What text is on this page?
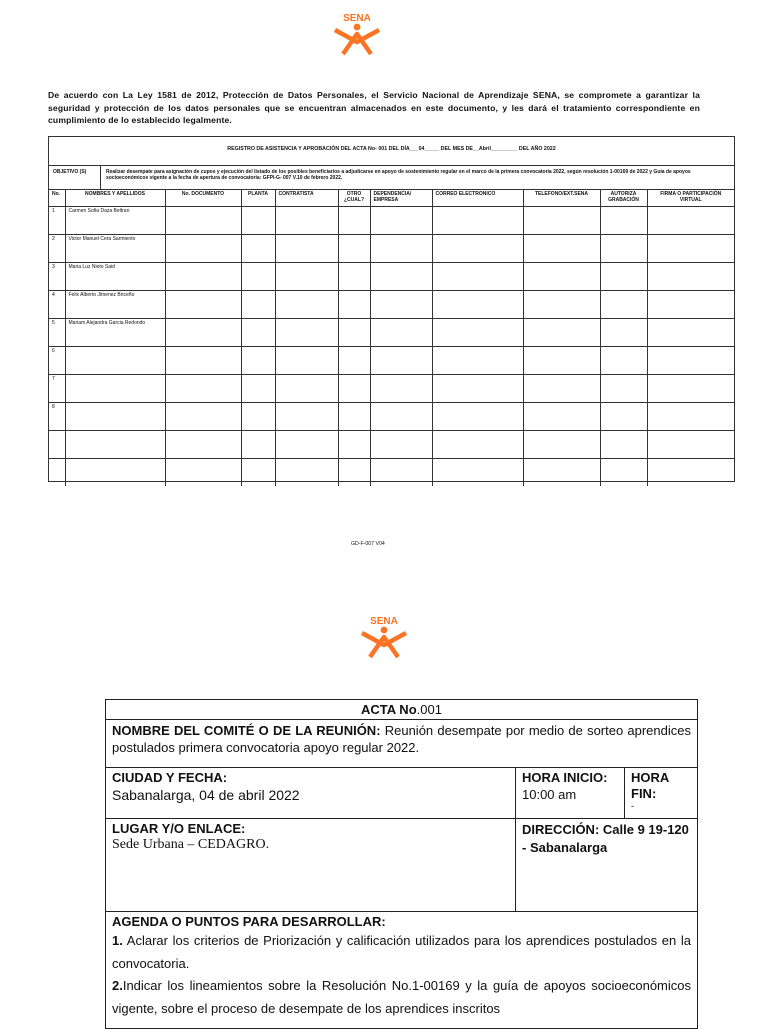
SENA
De acuerdo con La Ley 1581 de 2012, Protección de Datos Personales, el Servicio Nacional de Aprendizaje SENA, se compromete a garantizar la seguridad y protección de los datos personales que se encuentran almacenados en este documento, y les dará el tratamiento correspondiente en cumplimiento de lo establecido legalmente.
REGISTRO DE ASISTENCIA Y APROBACIÓN DEL ACTA No- 001 DEL DÍA___04_____ DEL MES DE__Abril_________ DEL AÑO 2022
OBJETIVO (S)	Realizar desempate para asignación de cupos y ejecución del listado de los posibles beneficiarios a adjudicarse en apoyo de sostenimiento regular en el marco de la primera convocatoria 2022, según resolución 1-00169 de 2022 y Guía de apoyos socioeconómicos vigente a la fecha de apertura de convocatoria: GFPI-G- 007 V.10 de febrero 2022.
No.	NOMBRES Y APELLIDOS	No. DOCUMENTO	PLANTA	CONTRATISTA	OTRO ¿CUAL?	DEPENDENCIA/ EMPRESA	CORREO ELECTRONICO	TELEFONO/EXT.SENA	AUTORIZA GRABACIÓN	FIRMA O PARTICIPACIÓN VIRTUAL
1	Carmen Sofia Daza Beltran									
2	Victor Manuel Cera Sarmiento									
3	Maria Luz Nieto Said									
4	Felix Alberto Jimenez Briceño									
5	Mariam Alejandra Garcia Redondo									
6										
7										
8										

GD-F-007 V04
SENA
ACTA No.001
NOMBRE DEL COMITÉ O DE LA REUNIÓN: Reunión desempate por medio de sorteo aprendices postulados primera convocatoria apoyo regular 2022.
CIUDAD Y FECHA:
Sabanalarga, 04 de abril 2022
HORA INICIO:
10:00 am
HORA
FIN:
-
LUGAR Y/O ENLACE:
Sede Urbana – CEDAGRO.
DIRECCIÓN: Calle 9 19-120 - Sabanalarga
AGENDA O PUNTOS PARA DESARROLLAR:
1. Aclarar los criterios de Priorización y calificación utilizados para los aprendices postulados en la convocatoria.
2.Indicar los lineamientos sobre la Resolución No.1-00169 y la guía de apoyos socioeconómicos vigente, sobre el proceso de desempate de los aprendices inscritos
